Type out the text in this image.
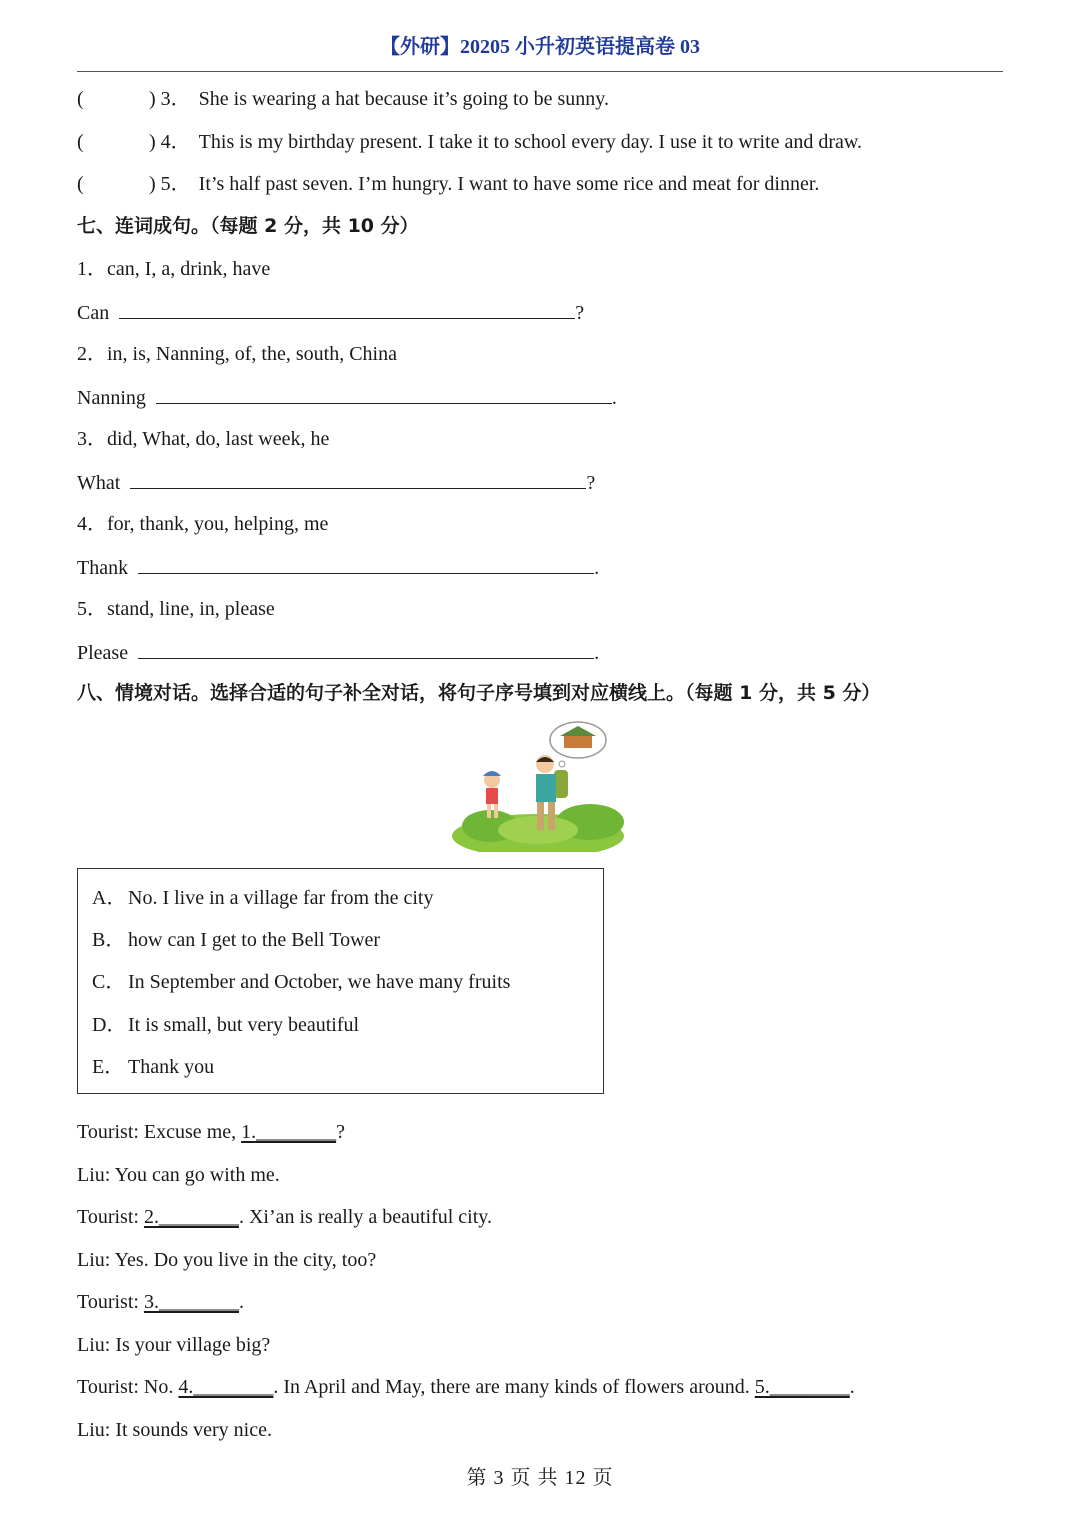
【外研】20205 小升初英语提高卷 03
(	) 3． She is wearing a hat because it’s going to be sunny.
(	) 4． This is my birthday present. I take it to school every day. I use it to write and draw.
(	) 5． It’s half past seven. I’m hungry. I want to have some rice and meat for dinner.
七、连词成句。（每题 2 分，共 10 分）
1．can, I, a, drink, have
Can	?
2．in, is, Nanning, of, the, south, China
Nanning	.
3．did, What, do, last week, he
What	?
4．for, thank, you, helping, me
Thank	.
5．stand, line, in, please
Please	.
八、情境对话。选择合适的句子补全对话，将句子序号填到对应横线上。（每题 1 分，共 5 分）
A．No. I live in a village far from the city
B． how can I get to the Bell Tower
C． In September and October, we have many fruits
D．It is small, but very beautiful
E． Thank you
Tourist: Excuse me, 1.________?
Liu: You can go with me.
Tourist: 2.________. Xi’an is really a beautiful city.
Liu: Yes. Do you live in the city, too?
Tourist: 3.________.
Liu: Is your village big?
Tourist: No. 4.________. In April and May, there are many kinds of flowers around. 5.________.
Liu: It sounds very nice.
第 3 页 共 12 页
